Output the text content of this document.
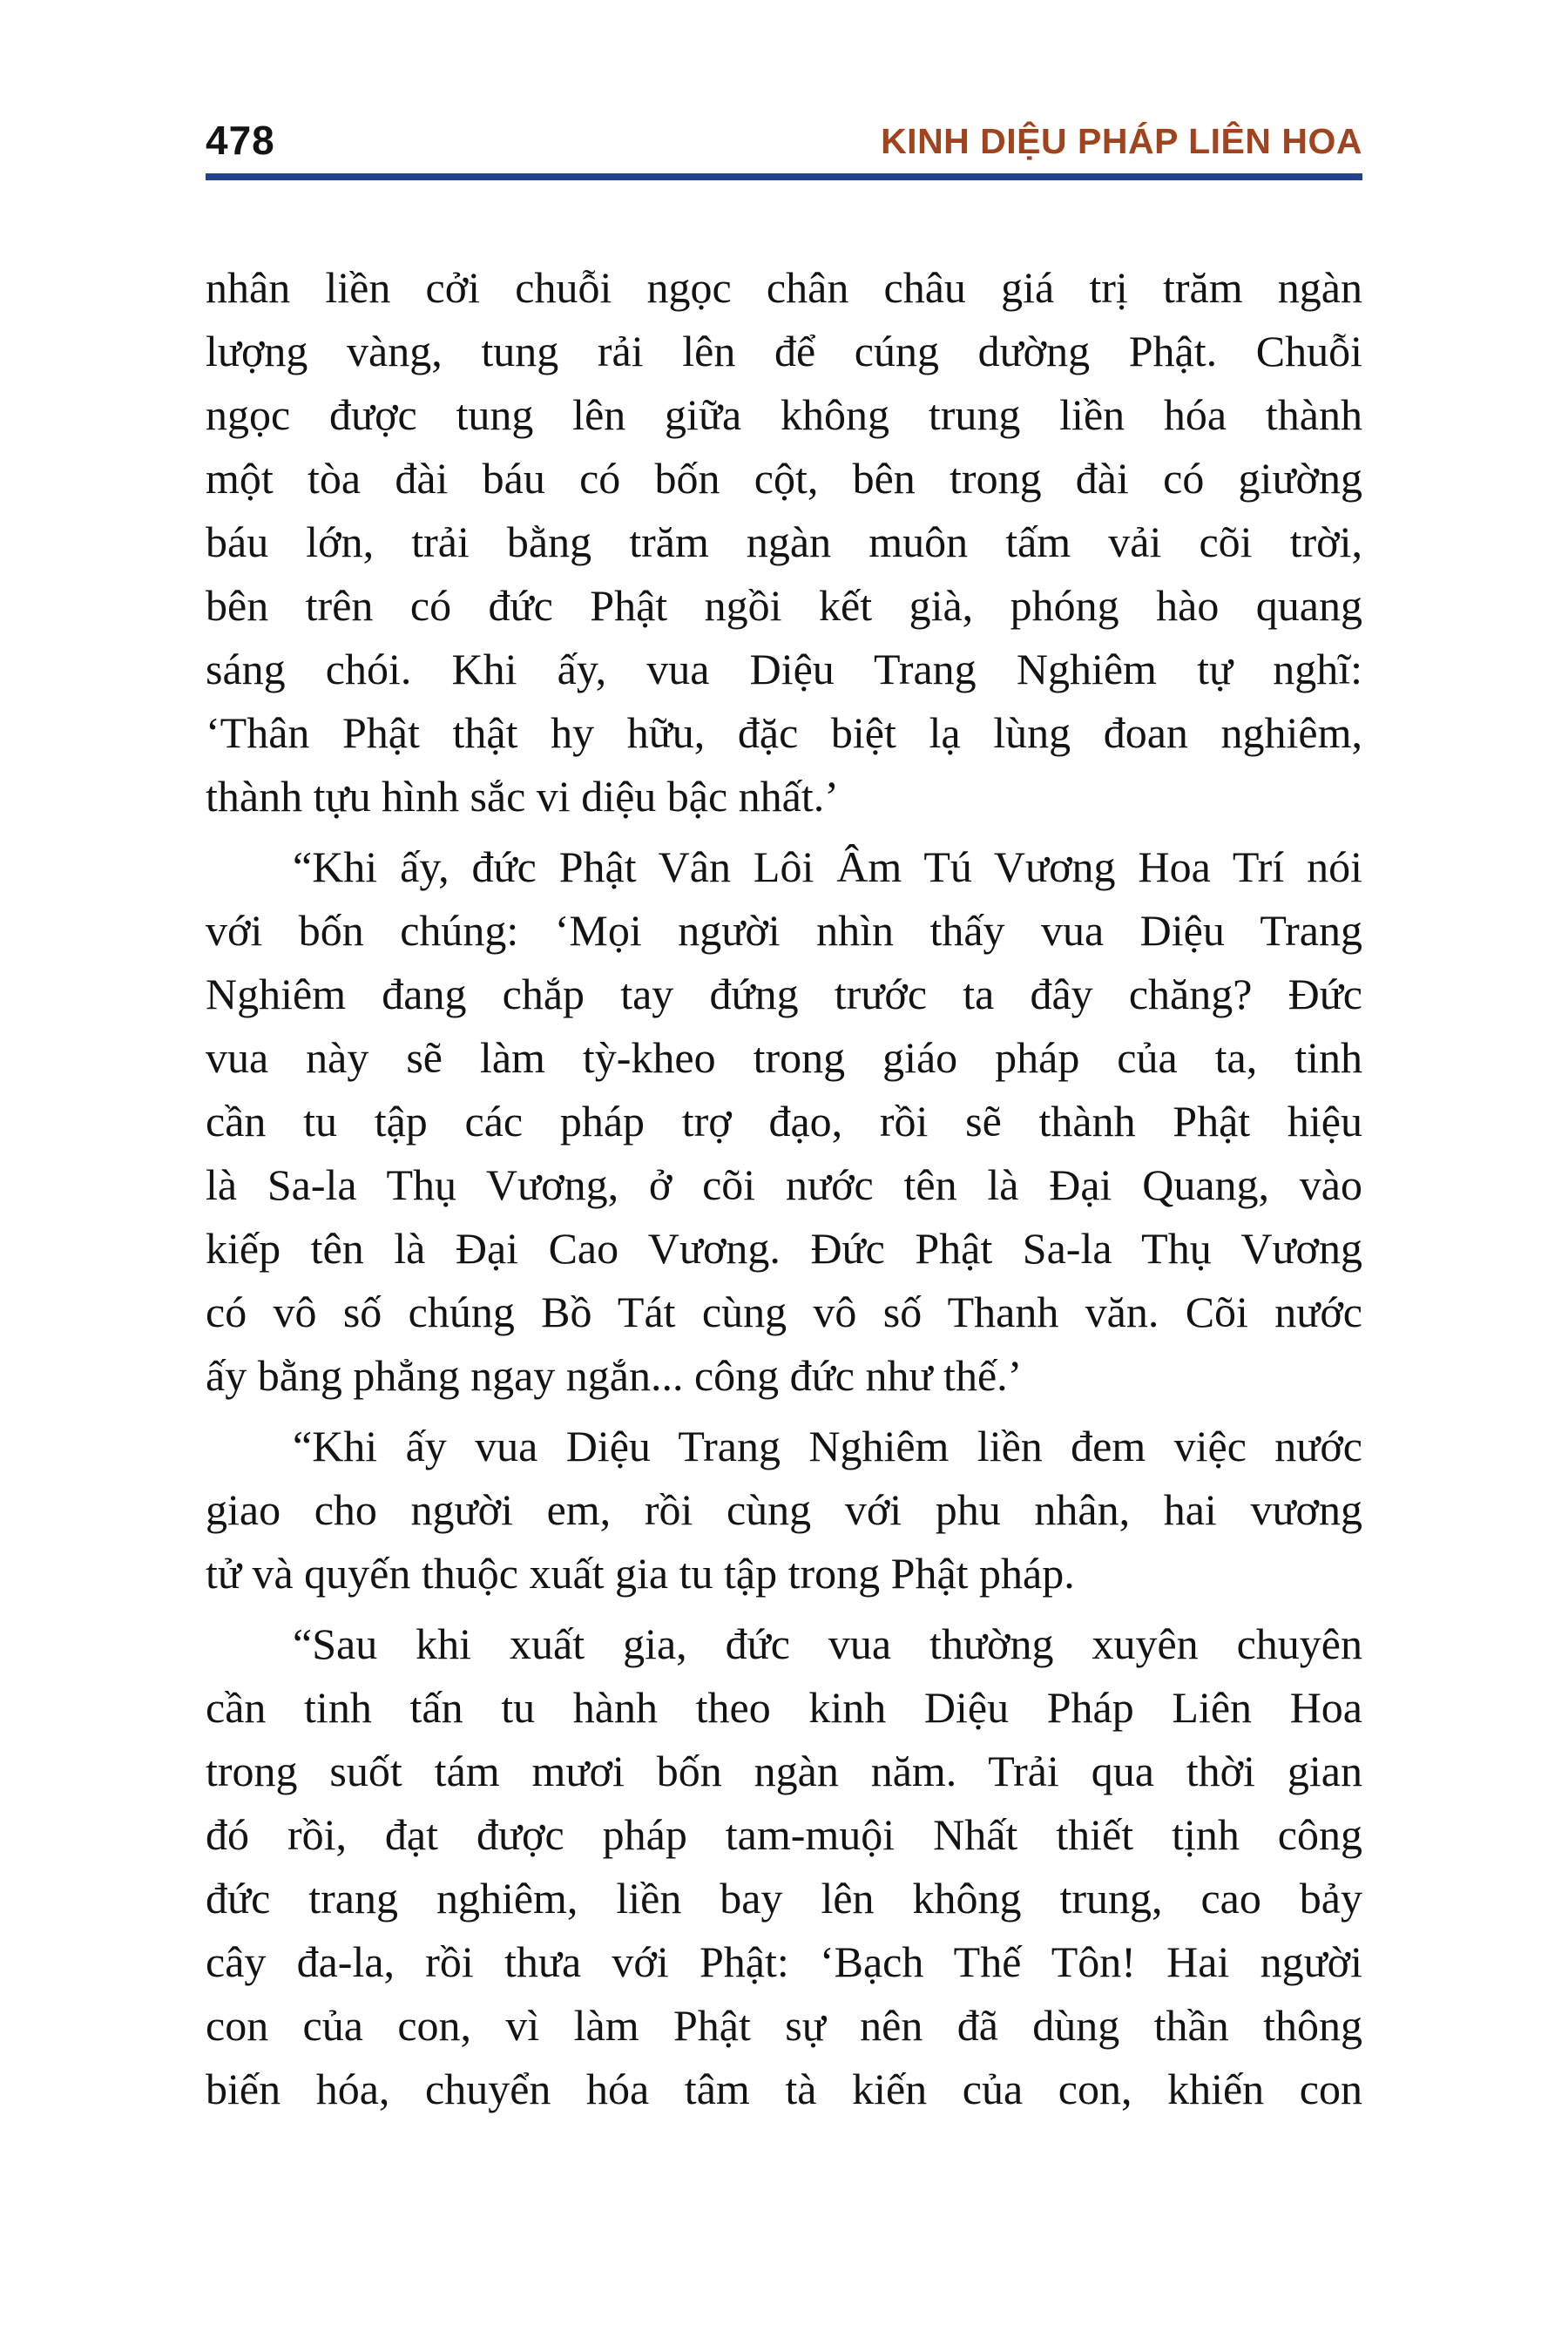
478	KINH DIỆU PHÁP LIÊN HOA
nhân liền cởi chuỗi ngọc chân châu giá trị trăm ngàn
lượng vàng, tung rải lên để cúng dường Phật. Chuỗi
ngọc được tung lên giữa không trung liền hóa thành
một tòa đài báu có bốn cột, bên trong đài có giường
báu lớn, trải bằng trăm ngàn muôn tấm vải cõi trời,
bên trên có đức Phật ngồi kết già, phóng hào quang
sáng chói. Khi ấy, vua Diệu Trang Nghiêm tự nghĩ:
‘Thân Phật thật hy hữu, đặc biệt lạ lùng đoan nghiêm,
thành tựu hình sắc vi diệu bậc nhất.’
“Khi ấy, đức Phật Vân Lôi Âm Tú Vương Hoa Trí nói
với bốn chúng: ‘Mọi người nhìn thấy vua Diệu Trang
Nghiêm đang chắp tay đứng trước ta đây chăng? Đức
vua này sẽ làm tỳ-kheo trong giáo pháp của ta, tinh
cần tu tập các pháp trợ đạo, rồi sẽ thành Phật hiệu
là Sa-la Thụ Vương, ở cõi nước tên là Đại Quang, vào
kiếp tên là Đại Cao Vương. Đức Phật Sa-la Thụ Vương
có vô số chúng Bồ Tát cùng vô số Thanh văn. Cõi nước
ấy bằng phẳng ngay ngắn... công đức như thế.’
“Khi ấy vua Diệu Trang Nghiêm liền đem việc nước
giao cho người em, rồi cùng với phu nhân, hai vương
tử và quyến thuộc xuất gia tu tập trong Phật pháp.
“Sau khi xuất gia, đức vua thường xuyên chuyên
cần tinh tấn tu hành theo kinh Diệu Pháp Liên Hoa
trong suốt tám mươi bốn ngàn năm. Trải qua thời gian
đó rồi, đạt được pháp tam-muội Nhất thiết tịnh công
đức trang nghiêm, liền bay lên không trung, cao bảy
cây đa-la, rồi thưa với Phật: ‘Bạch Thế Tôn! Hai người
con của con, vì làm Phật sự nên đã dùng thần thông
biến hóa, chuyển hóa tâm tà kiến của con, khiến con
